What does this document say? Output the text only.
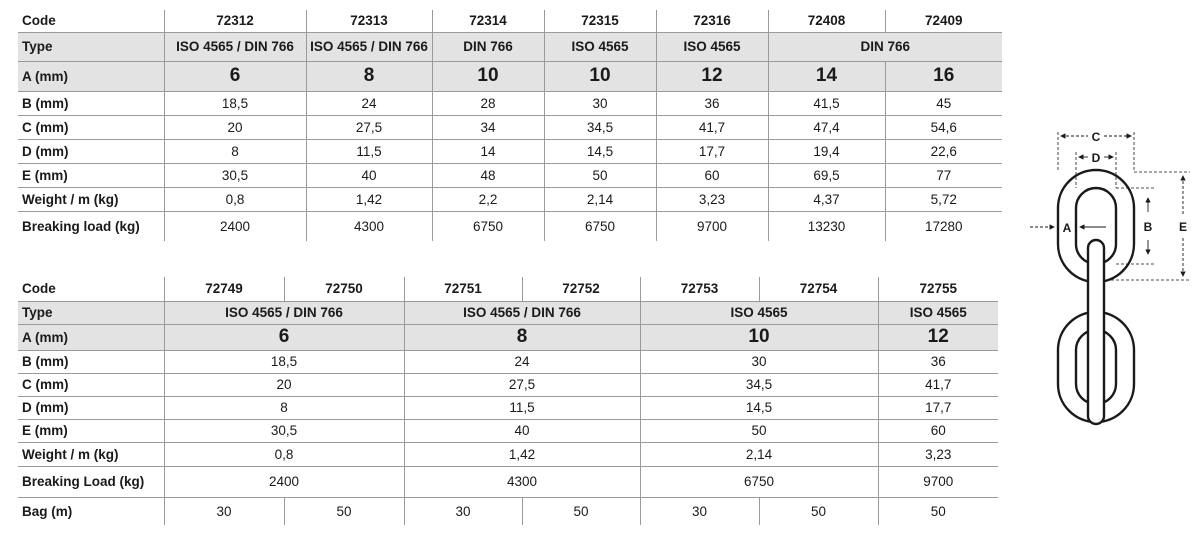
Code	72312	72313	72314	72315	72316	72408	72409
Type	ISO 4565 / DIN 766	ISO 4565 / DIN 766	DIN 766	ISO 4565	ISO 4565	DIN 766	
A (mm)	6	8	10	10	12	14	16
B (mm)	18,5	24	28	30	36	41,5	45
C (mm)	20	27,5	34	34,5	41,7	47,4	54,6
D (mm)	8	11,5	14	14,5	17,7	19,4	22,6
E (mm)	30,5	40	48	50	60	69,5	77
Weight / m (kg)	0,8	1,42	2,2	2,14	3,23	4,37	5,72
Breaking load (kg)	2400	4300	6750	6750	9700	13230	17280
Code	72749	72750	72751	72752	72753	72754	72755
Type	ISO 4565 / DIN 766		ISO 4565 / DIN 766		ISO 4565		ISO 4565
A (mm)	6		8		10		12
B (mm)	18,5		24		30		36
C (mm)	20		27,5		34,5		41,7
D (mm)	8		11,5		14,5		17,7
E (mm)	30,5		40		50		60
Weight / m (kg)	0,8		1,42		2,14		3,23
Breaking Load (kg)	2400		4300		6750		9700
Bag (m)	30	50	30	50	30	50	50
C
D
A	B E
